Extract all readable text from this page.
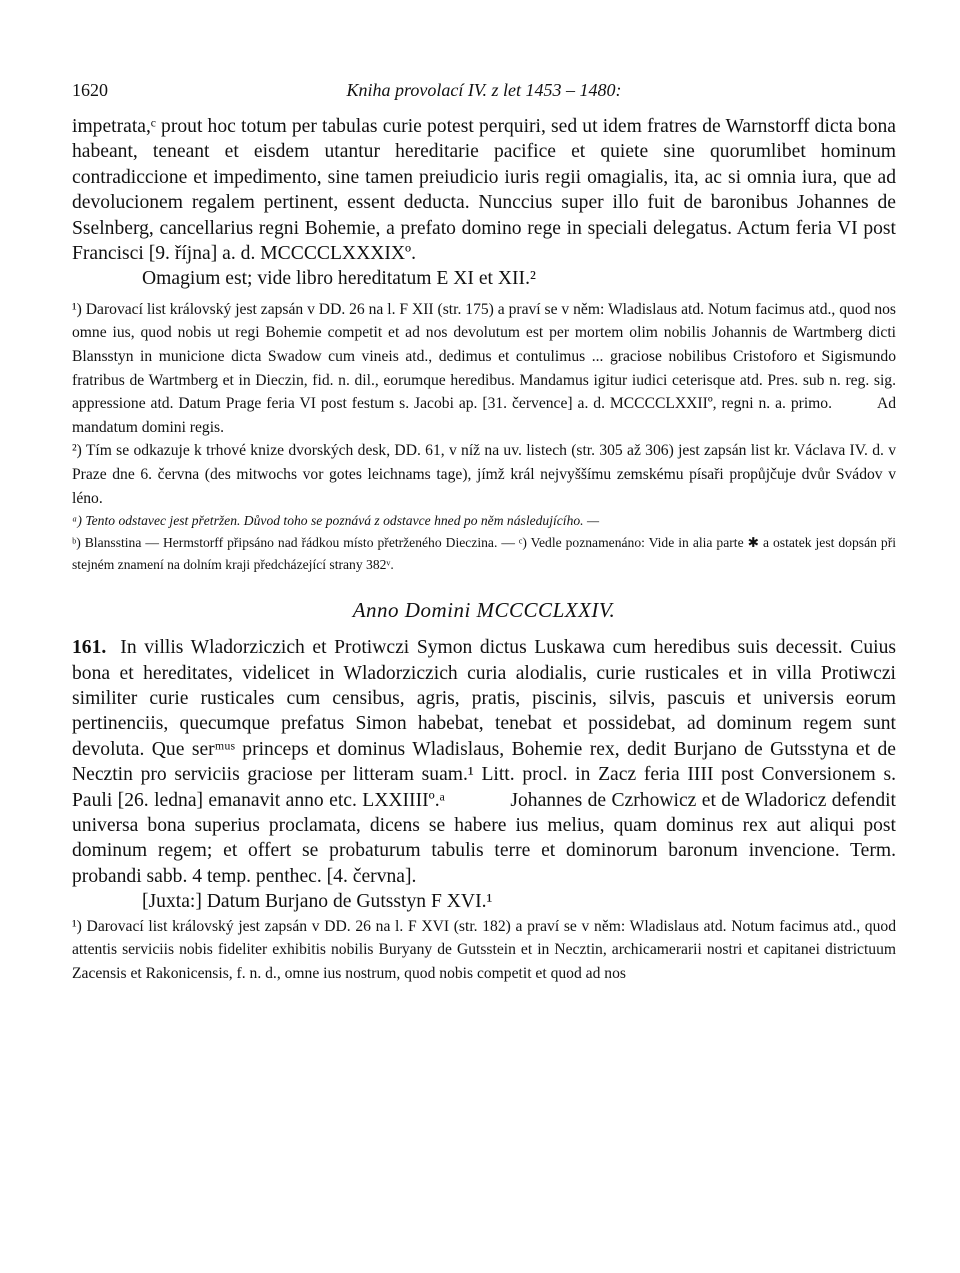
1620	Kniha provolací IV. z let 1453 – 1480:

impetrata,ᶜ prout hoc totum per tabulas curie potest perquiri, sed ut idem fratres de Warnstorff dicta bona habeant, teneant et eisdem utantur hereditarie pacifice et quiete sine quorumlibet hominum contradiccione et impedimento, sine tamen preiudicio iuris regii omagialis, ita, ac si omnia iura, que ad devolucionem regalem pertinent, essent deducta. Nunccius super illo fuit de baronibus Johannes de Sselnberg, cancellarius regni Bohemie, a prefato domino rege in speciali delegatus. Actum feria VI post Francisci [9. října] a. d. MCCCCLXXXIXº.

Omagium est; vide libro hereditatum E XI et XII.²

¹) Darovací list královský jest zapsán v DD. 26 na l. F XII (str. 175) a praví se v něm: Wladislaus atd. Notum facimus atd., quod nos omne ius, quod nobis ut regi Bohemie competit et ad nos devolutum est per mortem olim nobilis Johannis de Wartmberg dicti Blansstyn in municione dicta Swadow cum vineis atd., dedimus et contulimus ... graciose nobilibus Cristoforo et Sigismundo fratribus de Wartmberg et in Dieczin, fid. n. dil., eorumque heredibus. Mandamus igitur iudici ceterisque atd. Pres. sub n. reg. sig. appressione atd. Datum Prage feria VI post festum s. Jacobi ap. [31. července] a. d. MCCCCLXXIIº, regni n. a. primo.	Ad mandatum domini regis.

²) Tím se odkazuje k trhové knize dvorských desk, DD. 61, v níž na uv. listech (str. 305 až 306) jest zapsán list kr. Václava IV. d. v Praze dne 6. června (des mitwochs vor gotes leichnams tage), jímž král nejvyššímu zemskému písaři propůjčuje dvůr Svádov v léno.

ᵃ) Tento odstavec jest přetržen. Důvod toho se poznává z odstavce hned po něm následujícího. —

ᵇ) Blansstina — Hermstorff připsáno nad řádkou místo přetrženého Dieczina. — ᶜ) Vedle poznamenáno: Vide in alia parte ✱ a ostatek jest dopsán při stejném znamení na dolním kraji předcházející strany 382ᵛ.

Anno Domini MCCCCLXXIV.

161. In villis Wladorziczich et Protiwczi Symon dictus Luskawa cum heredibus suis decessit. Cuius bona et hereditates, videlicet in Wladorziczich curia alodialis, curie rusticales et in villa Protiwczi similiter curie rusticales cum censibus, agris, pratis, piscinis, silvis, pascuis et universis eorum pertinenciis, quecumque prefatus Simon habebat, tenebat et possidebat, ad dominum regem sunt devoluta. Que serᵐᵘˢ princeps et dominus Wladislaus, Bohemie rex, dedit Burjano de Gutsstyna et de Necztin pro serviciis graciose per litteram suam.¹ Litt. procl. in Zacz feria IIII post Conversionem s. Pauli [26. ledna] emanavit anno etc. LXXIIIIº.ᵃ	Johannes de Czrhowicz et de Wladoricz defendit universa bona superius proclamata, dicens se habere ius melius, quam dominus rex aut aliqui post dominum regem; et offert se probaturum tabulis terre et dominorum baronum invencione. Term. probandi sabb. 4 temp. penthec. [4. června].

[Juxta:] Datum Burjano de Gutsstyn F XVI.¹

¹) Darovací list královský jest zapsán v DD. 26 na l. F XVI (str. 182) a praví se v něm: Wladislaus atd. Notum facimus atd., quod attentis serviciis nobis fideliter exhibitis nobilis Buryany de Gutsstein et in Necztin, archicamerarii nostri et capitanei districtuum Zacensis et Rakonicensis, f. n. d., omne ius nostrum, quod nobis competit et quod ad nos
